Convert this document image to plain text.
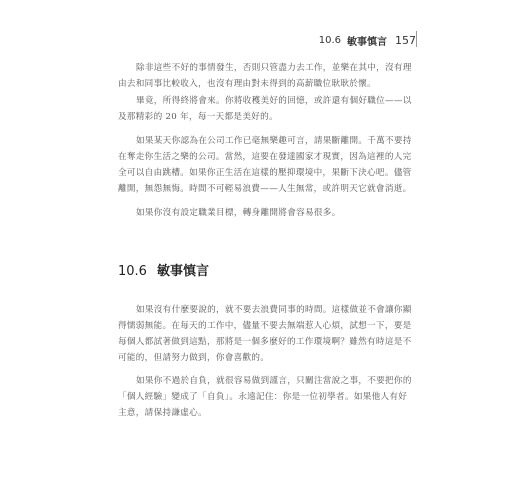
10.6 敏事慎言 157

除非這些不好的事情發生，否則只管盡力去工作，並樂在其中，沒有理由去和同事比較收入，也沒有理由對未得到的高薪職位耿耿於懷。

畢竟，所得終將會來。你將收穫美好的回憶，或許還有個好職位——以及那精彩的 20 年，每一天都是美好的。

如果某天你認為在公司工作已毫無樂趣可言，請果斷離開。千萬不要持在奪走你生活之樂的公司。當然，這要在發達國家才現實，因為這裡的人完全可以自由跳槽。如果你正生活在這樣的壓抑環境中，果斷下決心吧。儘管離開，無怨無悔。時間不可輕易浪費——人生無常，或許明天它就會消逝。

如果你沒有設定職業目標，轉身離開將會容易很多。

10.6 敏事慎言

如果沒有什麼要說的，就不要去浪費同事的時間。這樣做並不會讓你顯得懦弱無能。在每天的工作中，儘量不要去無端惹人心煩，試想一下，要是每個人都試著做到這點，那將是一個多麼好的工作環境啊？雖然有時這是不可能的，但請努力做到，你會喜歡的。

如果你不過於自負，就很容易做到謹言，只關注當說之事，不要把你的「個人經驗」變成了「自負」。永遠記住：你是一位初學者。如果他人有好主意，請保持謙虛心。
